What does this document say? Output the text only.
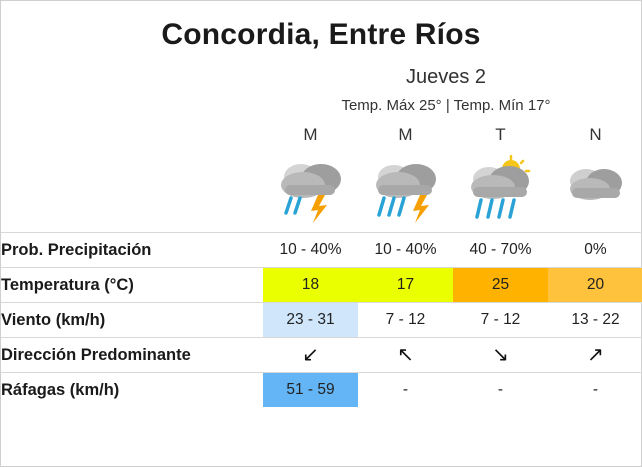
Concordia, Entre Ríos
Jueves 2
Temp. Máx 25° | Temp. Mín 17°
	M	M	T	N

Prob. Precipitación	10 - 40%	10 - 40%	40 - 70%	0%

Temperatura (°C)	18	17	25	20

Viento (km/h)	23 - 31	7 - 12	7 - 12	13 - 22

Dirección Predominante	↙	↖	↘	↗

Ráfagas (km/h)	51 - 59	-	-	-
